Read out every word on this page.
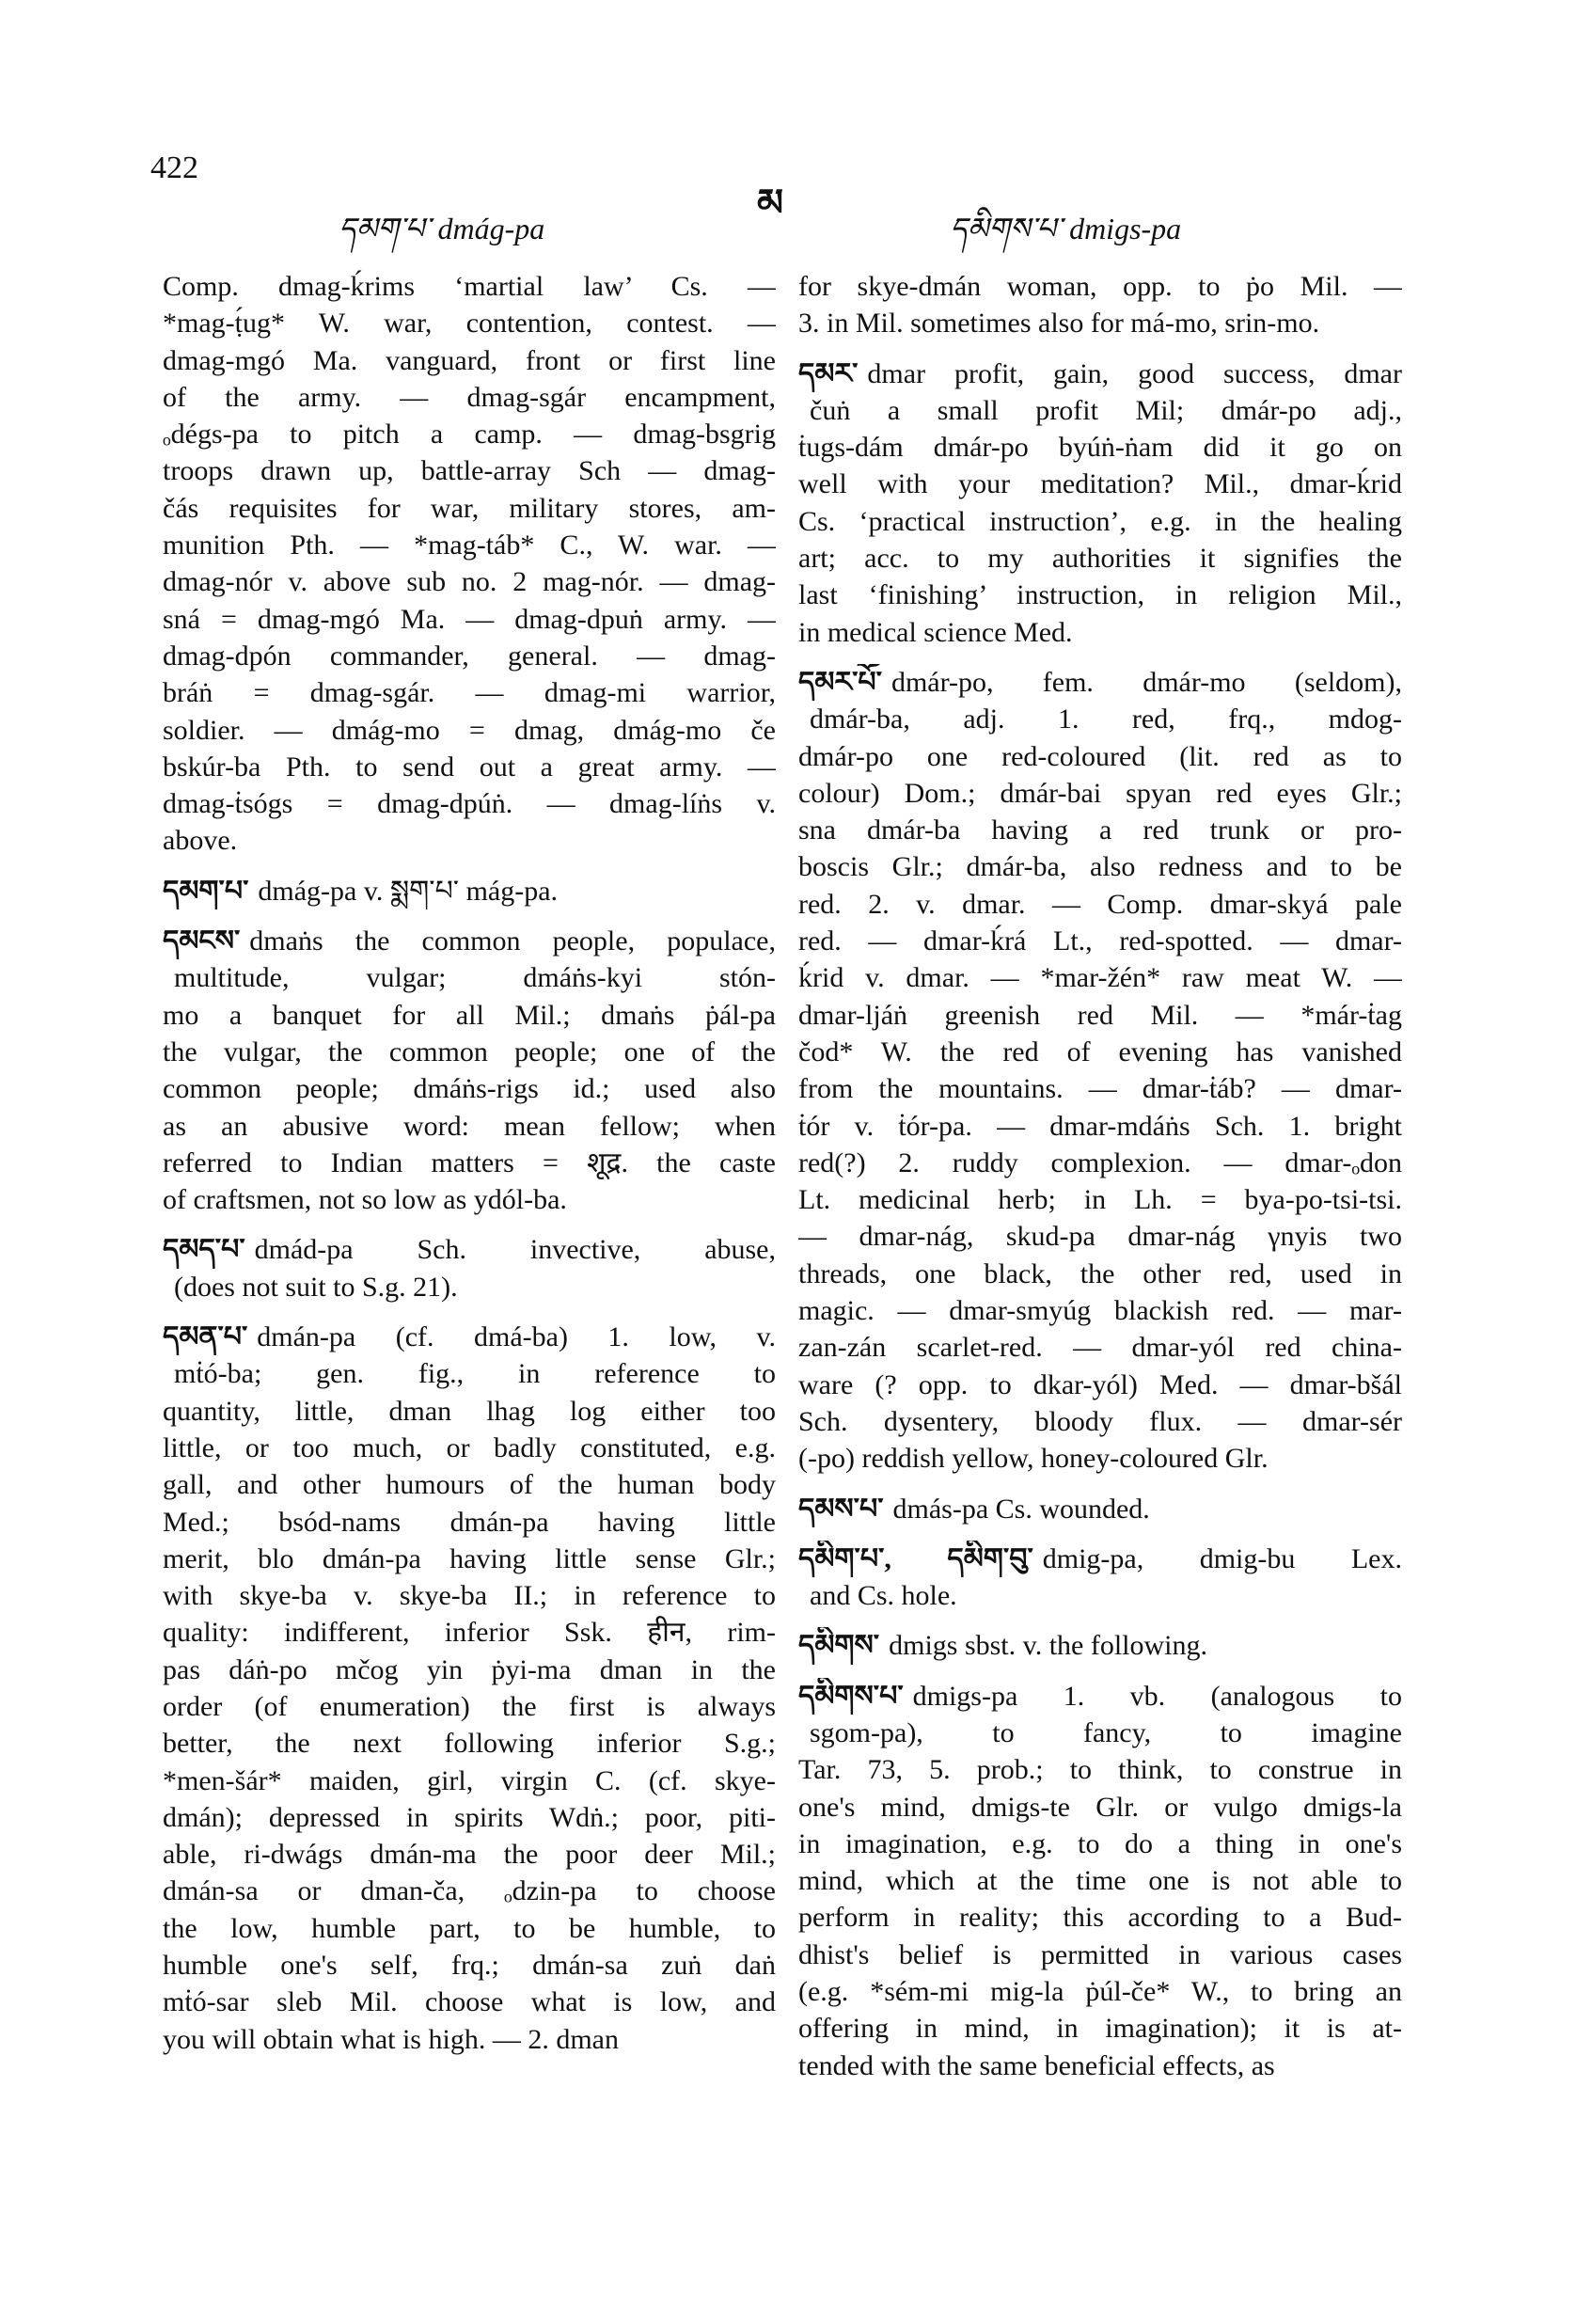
422
མ
དམག་པ་ dmág-pa	དམིགས་པ་ dmigs-pa
Comp. dmag-ḱrims ‘martial law’ Cs. —
*mag-ṭ́ug* W. war, contention, contest. —
dmag-mgó Ma. vanguard, front or first line
of the army. — dmag-sgár encampment,
ₒdégs-pa to pitch a camp. — dmag-bsgrig
troops drawn up, battle-array Sch — dmag-
čás requisites for war, military stores, am-
munition Pth. — *mag-táb* C., W. war. —
dmag-nór v. above sub no. 2 mag-nór. — dmag-
sná = dmag-mgó Ma. — dmag-dpuṅ army. —
dmag-dpón commander, general. — dmag-
bráṅ = dmag-sgár. — dmag-mi warrior,
soldier. — dmág-mo = dmag, dmág-mo če
bskúr-ba Pth. to send out a great army. —
dmag-ṫsógs = dmag-dpúṅ. — dmag-líṅs v.
above.
དམག་པ་ dmág-pa v. སྨག་པ་ mág-pa.
དམངས་ dmaṅs the common people, populace,
multitude, vulgar; dmáṅs-kyi stón-
mo a banquet for all Mil.; dmaṅs ṗál-pa
the vulgar, the common people; one of the
common people; dmáṅs-rigs id.; used also
as an abusive word: mean fellow; when
referred to Indian matters = शूद्र. the caste
of craftsmen, not so low as ydól-ba.
དམད་པ་ dmád-pa Sch. invective, abuse,
(does not suit to S.g. 21).
དམན་པ་ dmán-pa (cf. dmá-ba) 1. low, v.
mṫó-ba; gen. fig., in reference to
quantity, little, dman lhag log either too
little, or too much, or badly constituted, e.g.
gall, and other humours of the human body
Med.; bsód-nams dmán-pa having little
merit, blo dmán-pa having little sense Glr.;
with skye-ba v. skye-ba II.; in reference to
quality: indifferent, inferior Ssk. हीन, rim-
pas dáṅ-po mčog yin ṗyi-ma dman in the
order (of enumeration) the first is always
better, the next following inferior S.g.;
*men-šár* maiden, girl, virgin C. (cf. skye-
dmán); depressed in spirits Wdṅ.; poor, piti-
able, ri-dwágs dmán-ma the poor deer Mil.;
dmán-sa or dman-ča, ₒdzin-pa to choose
the low, humble part, to be humble, to
humble one's self, frq.; dmán-sa zuṅ daṅ
mṫó-sar sleb Mil. choose what is low, and
you will obtain what is high. — 2. dman
for skye-dmán woman, opp. to ṗo Mil. —
3. in Mil. sometimes also for má-mo, srin-mo.
དམར་ dmar profit, gain, good success, dmar
čuṅ a small profit Mil; dmár-po adj.,
ṫugs-dám dmár-po byúṅ-ṅam did it go on
well with your meditation? Mil., dmar-ḱrid
Cs. ‘practical instruction’, e.g. in the healing
art; acc. to my authorities it signifies the
last ‘finishing’ instruction, in religion Mil.,
in medical science Med.
དམར་པོ་ dmár-po, fem. dmár-mo (seldom),
dmár-ba, adj. 1. red, frq., mdog-
dmár-po one red-coloured (lit. red as to
colour) Dom.; dmár-bai spyan red eyes Glr.;
sna dmár-ba having a red trunk or pro-
boscis Glr.; dmár-ba, also redness and to be
red. 2. v. dmar. — Comp. dmar-skyá pale
red. — dmar-ḱrá Lt., red-spotted. — dmar-
ḱrid v. dmar. — *mar-žén* raw meat W. —
dmar-ljáṅ greenish red Mil. — *már-ṫag
čod* W. the red of evening has vanished
from the mountains. — dmar-ṫáb? — dmar-
ṫór v. ṫór-pa. — dmar-mdáṅs Sch. 1. bright
red(?) 2. ruddy complexion. — dmar-ₒdon
Lt. medicinal herb; in Lh. = bya-po-tsi-tsi.
— dmar-nág, skud-pa dmar-nág γnyis two
threads, one black, the other red, used in
magic. — dmar-smyúg blackish red. — mar-
zan-zán scarlet-red. — dmar-yól red china-
ware (? opp. to dkar-yól) Med. — dmar-bšál
Sch. dysentery, bloody flux. — dmar-sér
(-po) reddish yellow, honey-coloured Glr.
དམས་པ་ dmás-pa Cs. wounded.
དམིག་པ་, དམིག་བུ་ dmig-pa, dmig-bu Lex.
and Cs. hole.
དམིགས་ dmigs sbst. v. the following.
དམིགས་པ་ dmigs-pa 1. vb. (analogous to
sgom-pa), to fancy, to imagine
Tar. 73, 5. prob.; to think, to construe in
one's mind, dmigs-te Glr. or vulgo dmigs-la
in imagination, e.g. to do a thing in one's
mind, which at the time one is not able to
perform in reality; this according to a Bud-
dhist's belief is permitted in various cases
(e.g. *sém-mi mig-la ṗúl-če* W., to bring an
offering in mind, in imagination); it is at-
tended with the same beneficial effects, as
